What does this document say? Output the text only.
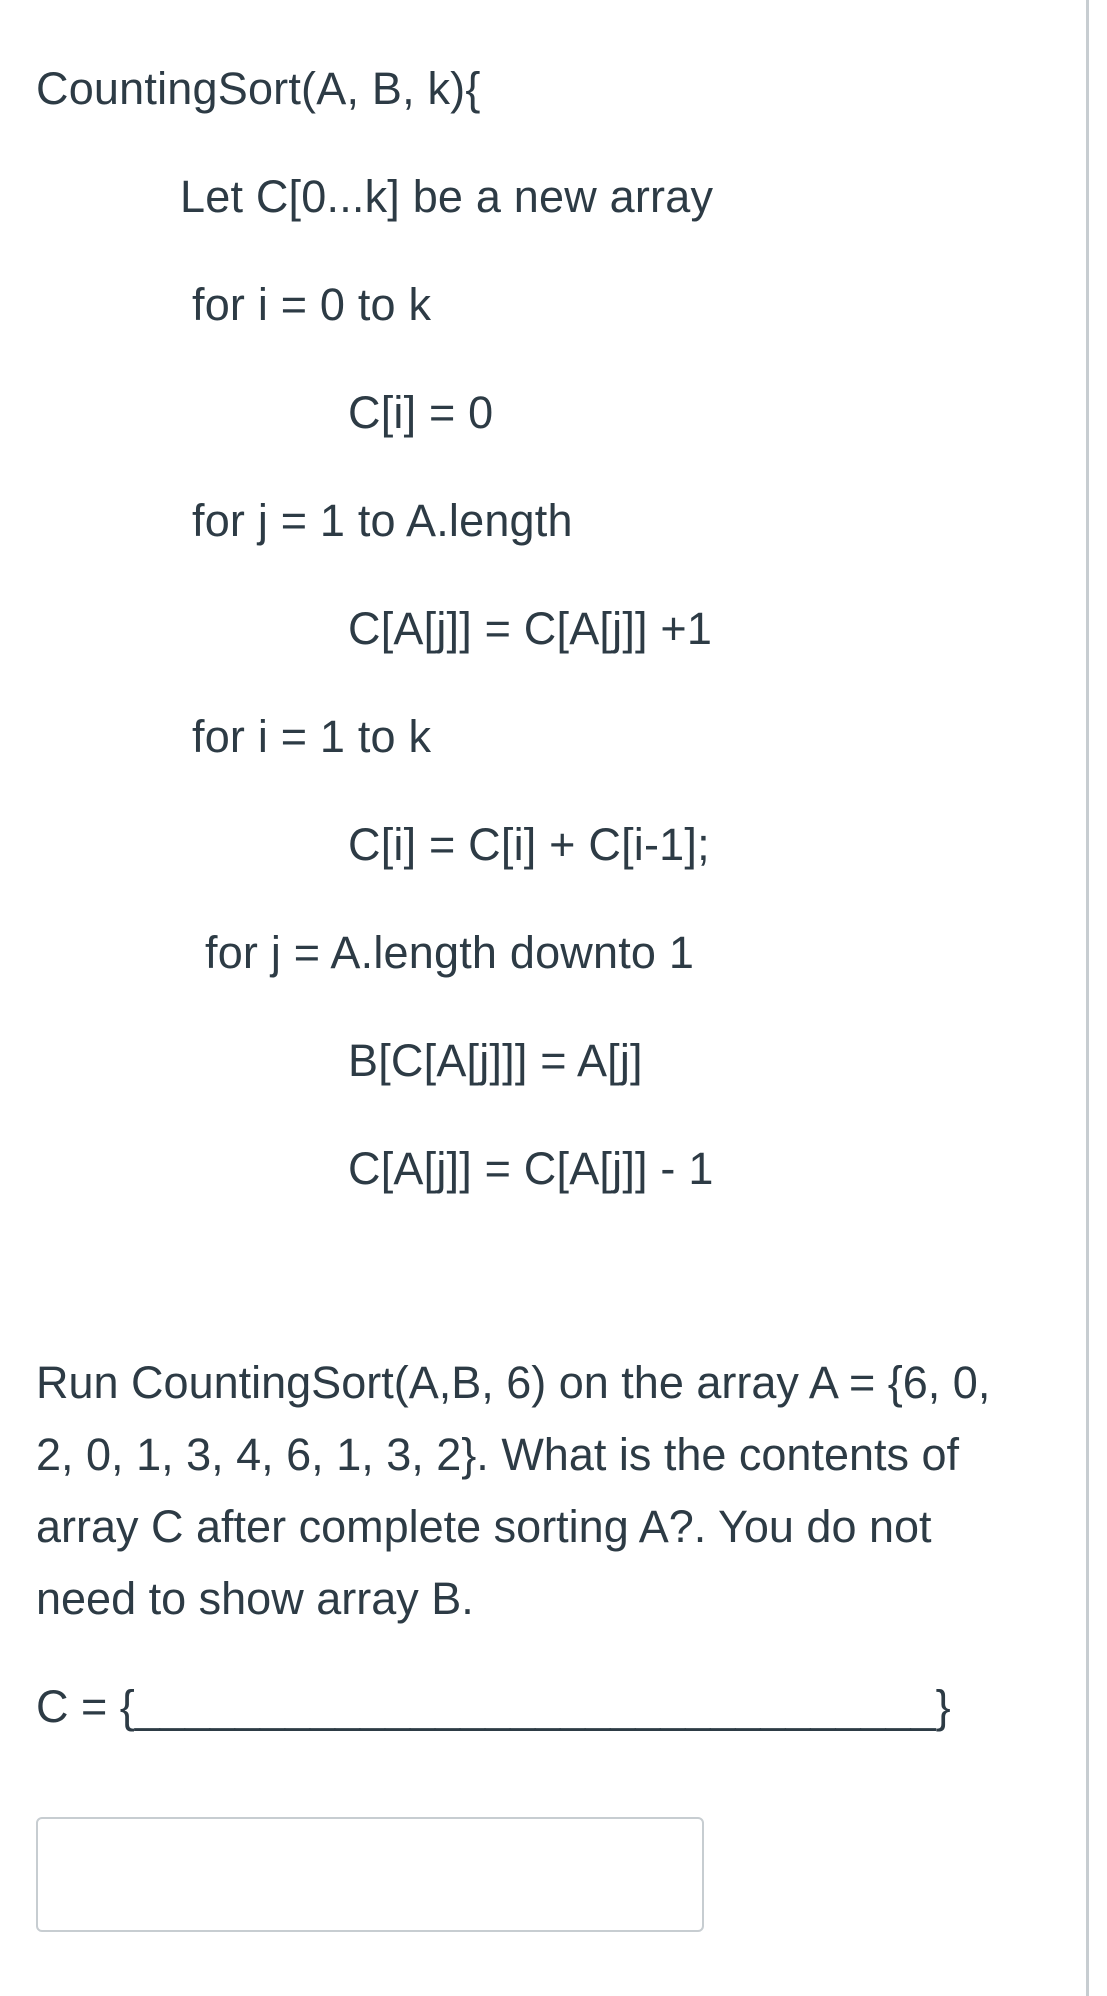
CountingSort(A, B, k){
Let C[0...k] be a new array
for i = 0 to k
C[i] = 0
for j = 1 to A.length
C[A[j]] = C[A[j]] +1
for i = 1 to k
C[i] = C[i] + C[i-1];
for j = A.length downto 1
B[C[A[j]]] = A[j]
C[A[j]] = C[A[j]] - 1
Run CountingSort(A,B, 6) on the array A = {6, 0, 2, 0, 1, 3, 4, 6, 1, 3, 2}. What is the contents of array C after complete sorting A?. You do not need to show array B.
C = {________________________________}
